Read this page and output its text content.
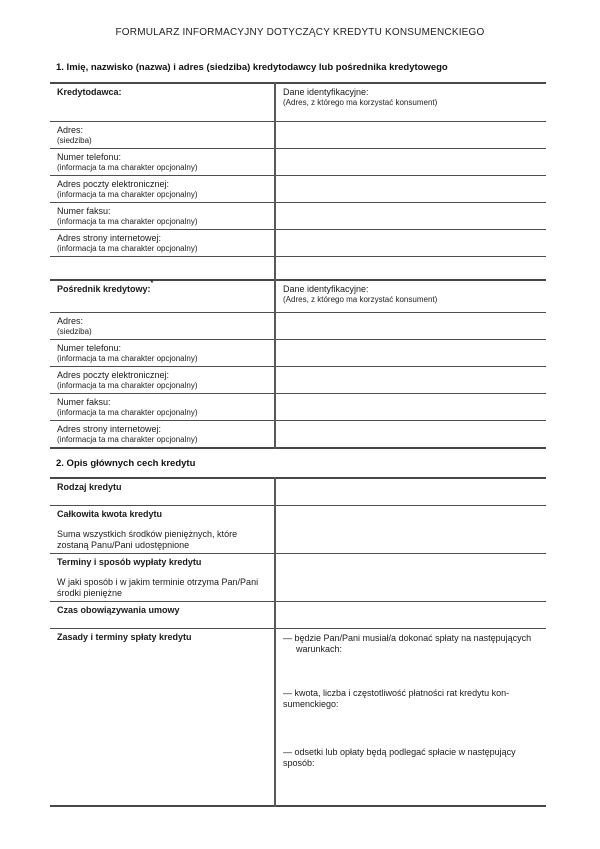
FORMULARZ INFORMACYJNY DOTYCZĄCY KREDYTU KONSUMENCKIEGO
1. Imię, nazwisko (nazwa) i adres (siedziba) kredytodawcy lub pośrednika kredytowego
Kredytodawca:	Dane identyfikacyjne:
(Adres, z którego ma korzystać konsument)

Adres:
(siedziba)	

Numer telefonu:
(informacja ta ma charakter opcjonalny)	

Adres poczty elektronicznej:
(informacja ta ma charakter opcjonalny)	

Numer faksu:
(informacja ta ma charakter opcjonalny)	

Adres strony internetowej:
(informacja ta ma charakter opcjonalny)	

Pośrednik kredytowy:*	Dane identyfikacyjne:
(Adres, z którego ma korzystać konsument)

Adres:
(siedziba)	

Numer telefonu:
(informacja ta ma charakter opcjonalny)	

Adres poczty elektronicznej:
(informacja ta ma charakter opcjonalny)	

Numer faksu:
(informacja ta ma charakter opcjonalny)	

Adres strony internetowej:
(informacja ta ma charakter opcjonalny)	

2. Opis głównych cech kredytu
Rodzaj kredytu	

Całkowita kwota kredytu
Suma wszystkich środków pieniężnych, które zostaną Panu/Pani udostępnione	

Terminy i sposób wypłaty kredytu
W jaki sposób i w jakim terminie otrzyma Pan/Pani środki pieniężne	

Czas obowiązywania umowy	

Zasady i terminy spłaty kredytu	— będzie Pan/Pani musiał/a dokonać spłaty na następujących
warunkach:
— kwota, liczba i częstotliwość płatności rat kredytu kon-
sumenckiego:
— odsetki lub opłaty będą podlegać spłacie w następujący
sposób:
